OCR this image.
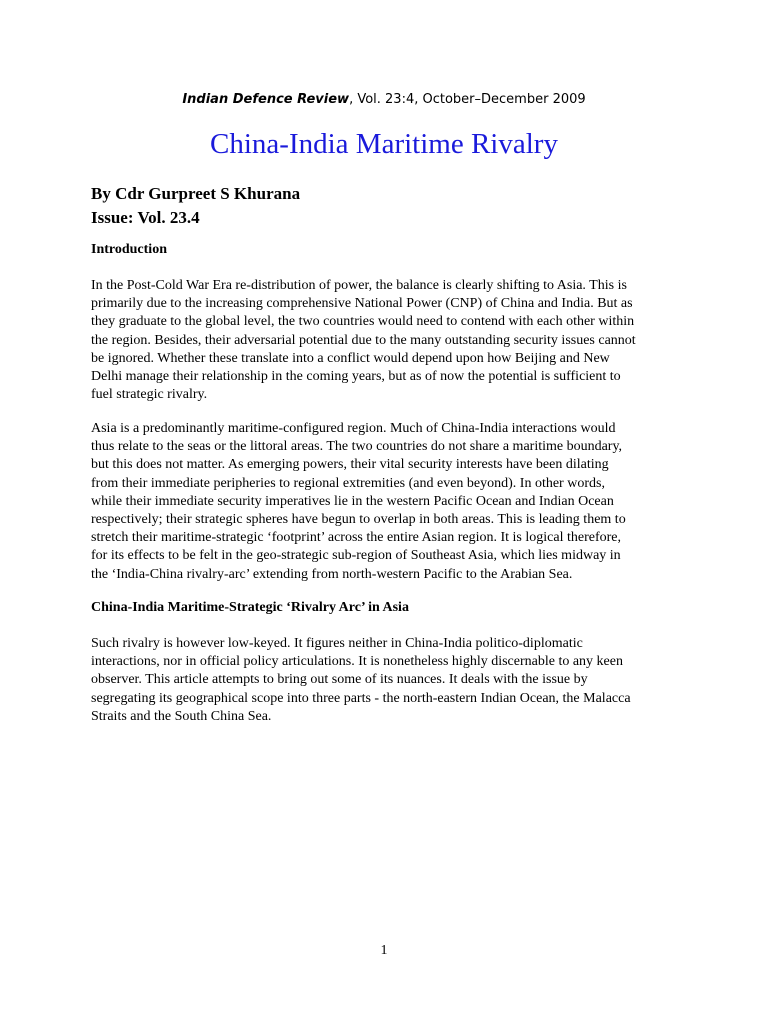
Indian Defence Review, Vol. 23:4, October–December 2009
China-India Maritime Rivalry
By Cdr Gurpreet S Khurana
Issue: Vol. 23.4
Introduction
In the Post-Cold War Era re-distribution of power, the balance is clearly shifting to Asia. This is
primarily due to the increasing comprehensive National Power (CNP) of China and India. But as
they graduate to the global level, the two countries would need to contend with each other within
the region. Besides, their adversarial potential due to the many outstanding security issues cannot
be ignored. Whether these translate into a conflict would depend upon how Beijing and New
Delhi manage their relationship in the coming years, but as of now the potential is sufficient to
fuel strategic rivalry.
Asia is a predominantly maritime-configured region. Much of China-India interactions would
thus relate to the seas or the littoral areas. The two countries do not share a maritime boundary,
but this does not matter. As emerging powers, their vital security interests have been dilating
from their immediate peripheries to regional extremities (and even beyond). In other words,
while their immediate security imperatives lie in the western Pacific Ocean and Indian Ocean
respectively; their strategic spheres have begun to overlap in both areas. This is leading them to
stretch their maritime-strategic ‘footprint’ across the entire Asian region. It is logical therefore,
for its effects to be felt in the geo-strategic sub-region of Southeast Asia, which lies midway in
the ‘India-China rivalry-arc’ extending from north-western Pacific to the Arabian Sea.
China-India Maritime-Strategic ‘Rivalry Arc’ in Asia
Such rivalry is however low-keyed. It figures neither in China-India politico-diplomatic
interactions, nor in official policy articulations. It is nonetheless highly discernable to any keen
observer. This article attempts to bring out some of its nuances. It deals with the issue by
segregating its geographical scope into three parts - the north-eastern Indian Ocean, the Malacca
Straits and the South China Sea.
1
